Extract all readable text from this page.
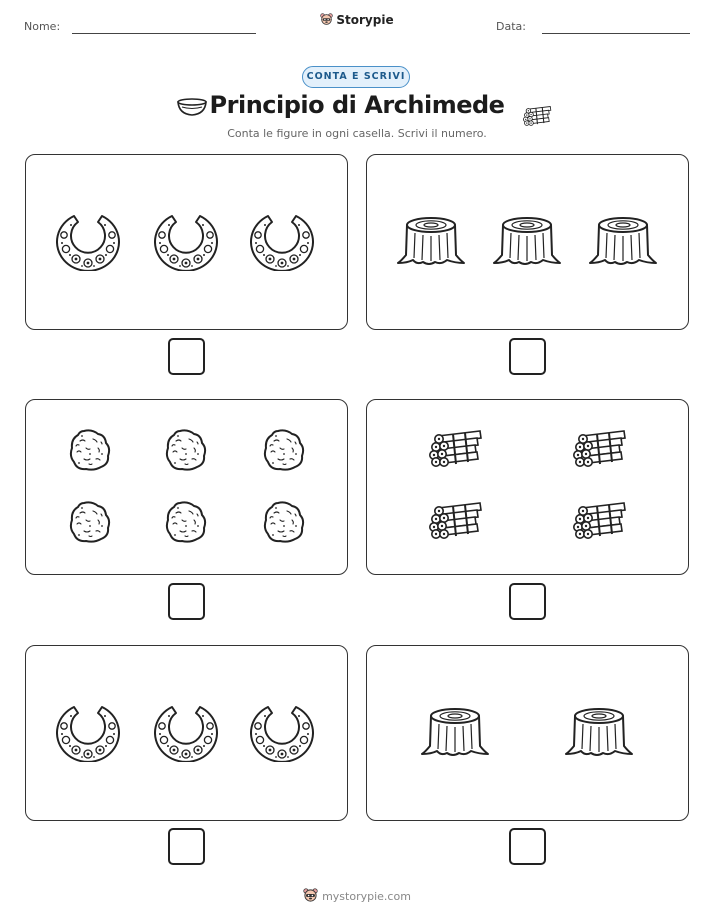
Nome:	Storypie	Data:
CONTA E SCRIVI
Principio di Archimede
Conta le figure in ogni casella. Scrivi il numero.
mystorypie.com
